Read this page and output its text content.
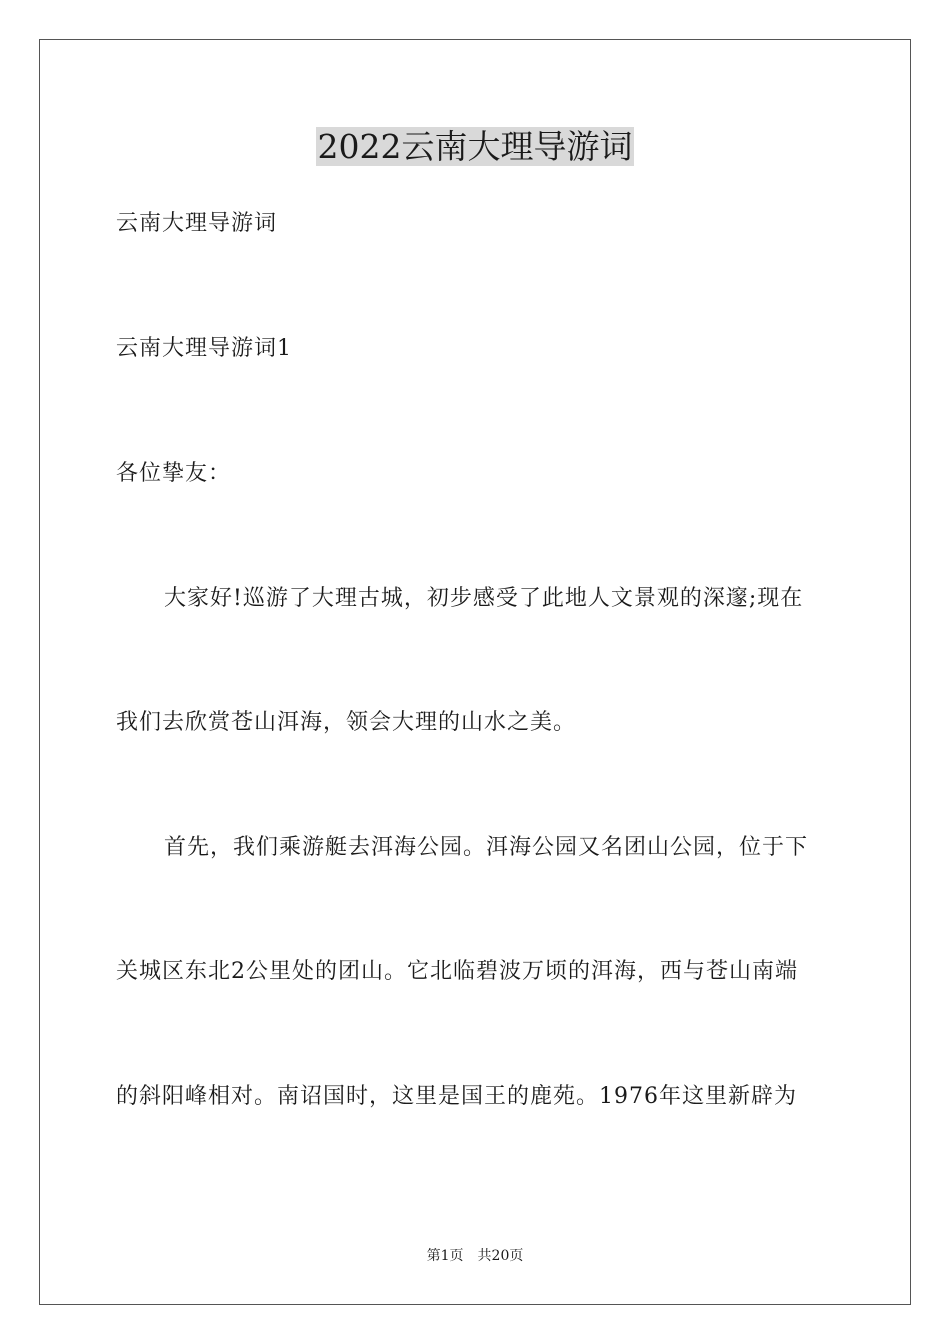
2022云南大理导游词
云南大理导游词
云南大理导游词1
各位挚友：
大家好!巡游了大理古城，初步感受了此地人文景观的深邃;现在
我们去欣赏苍山洱海，领会大理的山水之美。
首先，我们乘游艇去洱海公园。洱海公园又名团山公园，位于下
关城区东北2公里处的团山。它北临碧波万顷的洱海，西与苍山南端
的斜阳峰相对。南诏国时，这里是国王的鹿苑。1976年这里新辟为
第1页 共20页
